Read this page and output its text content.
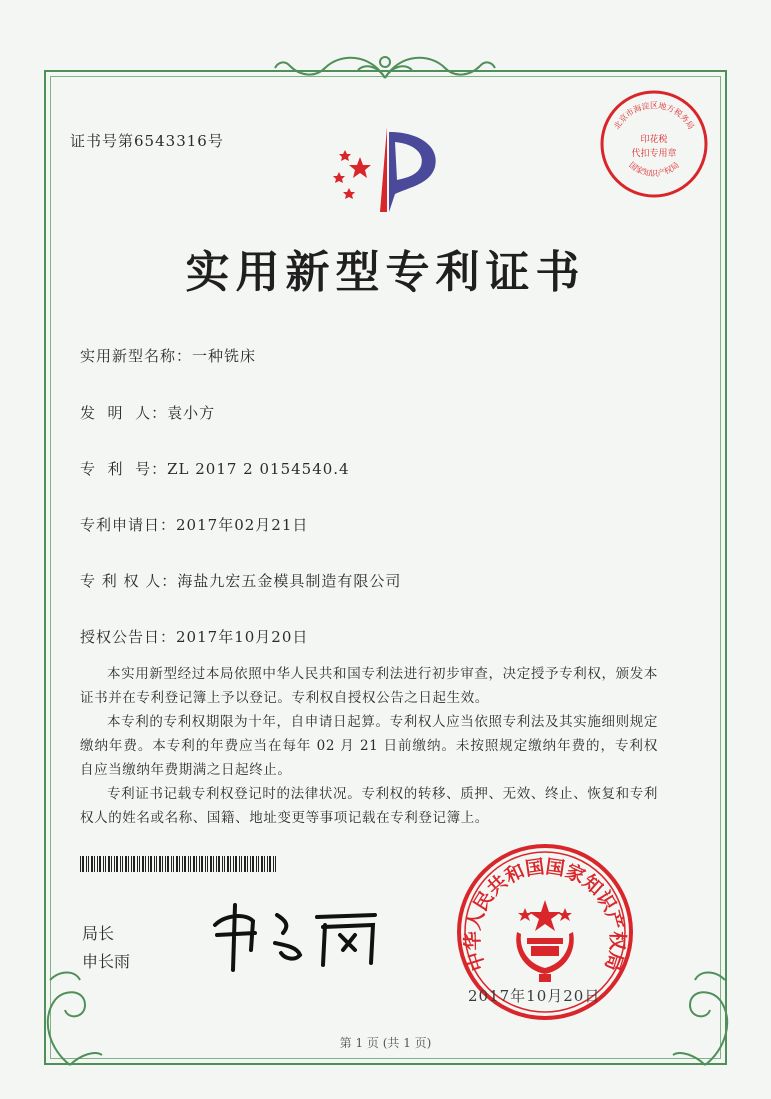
证书号第6543316号
北京市海淀区地方税务局
国家知识产权局
印花税
代扣专用章
实用新型专利证书
实用新型名称：一种铣床
发  明  人：袁小方
专  利  号：ZL 2017 2 0154540.4
专利申请日：2017年02月21日
专 利 权 人：海盐九宏五金模具制造有限公司
授权公告日：2017年10月20日

本实用新型经过本局依照中华人民共和国专利法进行初步审查，决定授予专利权，颁发本证书并在专利登记簿上予以登记。专利权自授权公告之日起生效。

本专利的专利权期限为十年，自申请日起算。专利权人应当依照专利法及其实施细则规定缴纳年费。本专利的年费应当在每年 02 月 21 日前缴纳。未按照规定缴纳年费的，专利权自应当缴纳年费期满之日起终止。

专利证书记载专利权登记时的法律状况。专利权的转移、质押、无效、终止、恢复和专利权人的姓名或名称、国籍、地址变更等事项记载在专利登记簿上。

局长
申长雨	中华人民共和国国家知识产权局
2017年10月20日
第 1 页 (共 1 页)
